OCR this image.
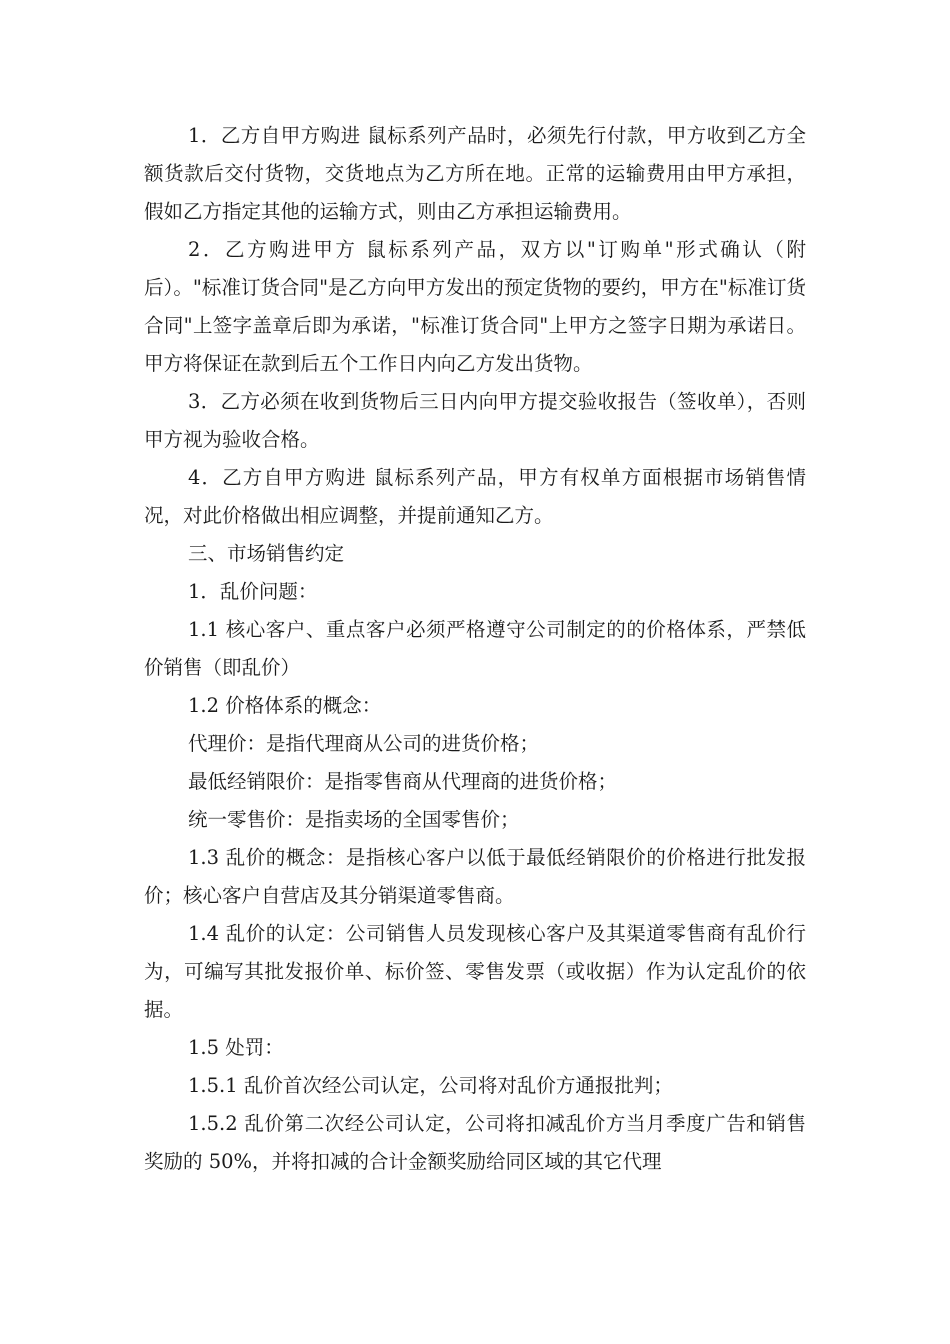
1．乙方自甲方购进 鼠标系列产品时，必须先行付款，甲方收到乙方全额货款后交付货物，交货地点为乙方所在地。正常的运输费用由甲方承担，假如乙方指定其他的运输方式，则由乙方承担运输费用。

2．乙方购进甲方 鼠标系列产品，双方以"订购单"形式确认（附后）。"标准订货合同"是乙方向甲方发出的预定货物的要约，甲方在"标准订货合同"上签字盖章后即为承诺，"标准订货合同"上甲方之签字日期为承诺日。甲方将保证在款到后五个工作日内向乙方发出货物。

3．乙方必须在收到货物后三日内向甲方提交验收报告（签收单），否则甲方视为验收合格。

4．乙方自甲方购进 鼠标系列产品，甲方有权单方面根据市场销售情况，对此价格做出相应调整，并提前通知乙方。

三、市场销售约定

1．乱价问题：

1.1 核心客户、重点客户必须严格遵守公司制定的的价格体系，严禁低价销售（即乱价）

1.2 价格体系的概念：

代理价：是指代理商从公司的进货价格；

最低经销限价：是指零售商从代理商的进货价格；

统一零售价：是指卖场的全国零售价；

1.3 乱价的概念：是指核心客户以低于最低经销限价的价格进行批发报价；核心客户自营店及其分销渠道零售商。

1.4 乱价的认定：公司销售人员发现核心客户及其渠道零售商有乱价行为，可编写其批发报价单、标价签、零售发票（或收据）作为认定乱价的依据。

1.5 处罚：

1.5.1 乱价首次经公司认定，公司将对乱价方通报批判；

1.5.2 乱价第二次经公司认定，公司将扣减乱价方当月季度广告和销售奖励的 50%，并将扣减的合计金额奖励给同区域的其它代理
